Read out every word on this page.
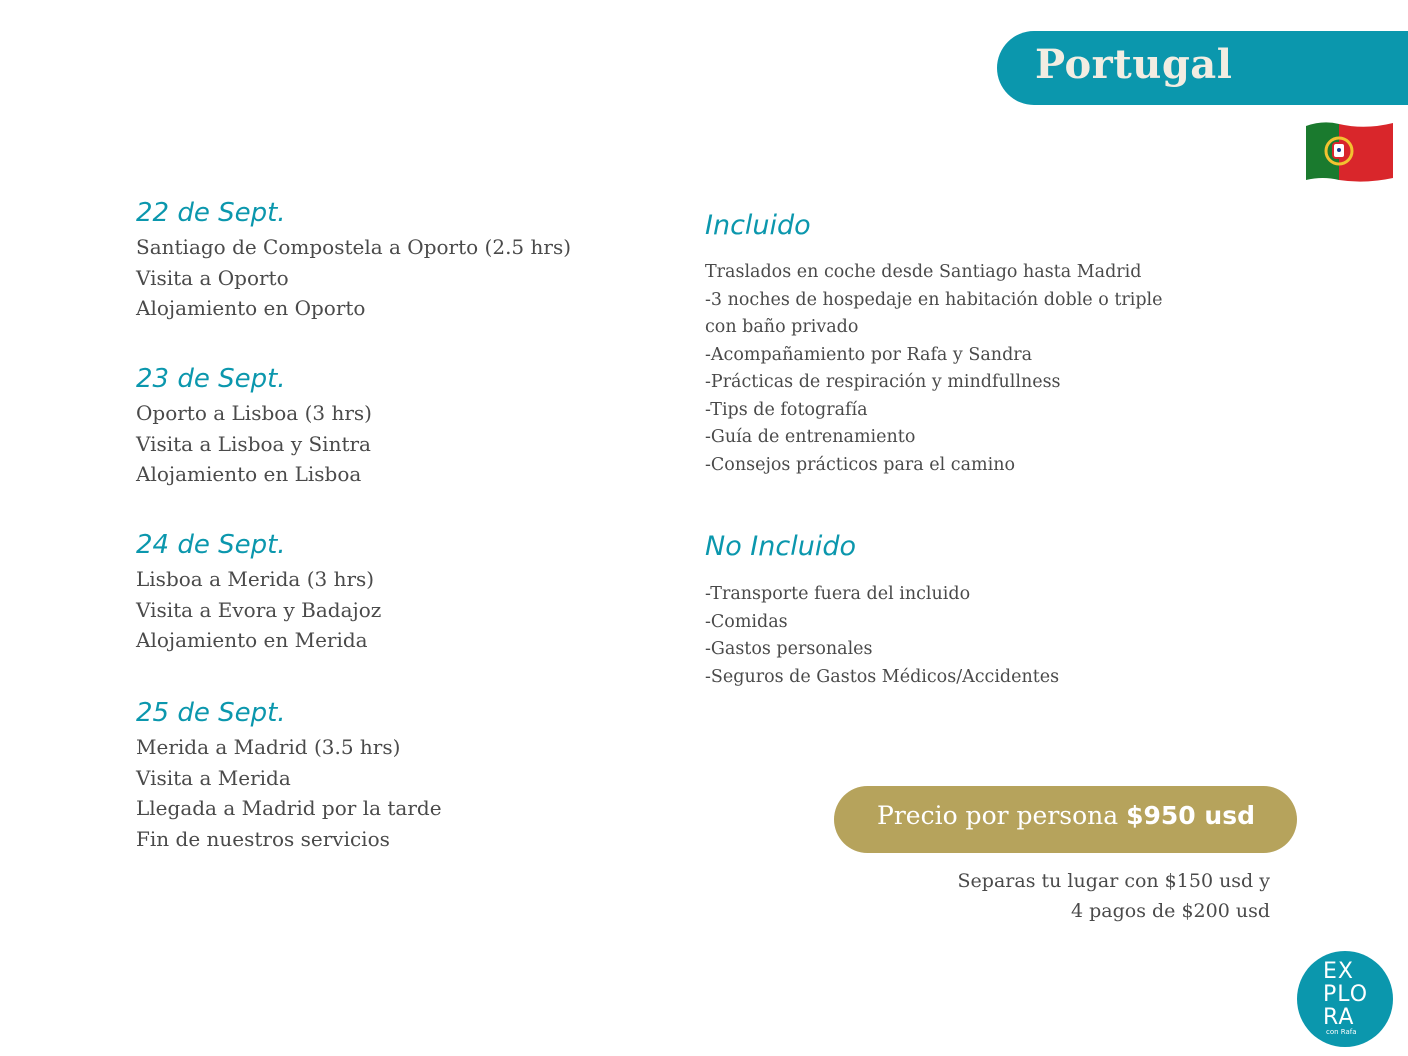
Portugal
22 de Sept.
Santiago de Compostela a Oporto (2.5 hrs)
Visita a Oporto
Alojamiento en Oporto
23 de Sept.
Oporto a Lisboa (3 hrs)
Visita a Lisboa y Sintra
Alojamiento en Lisboa
24 de Sept.
Lisboa a Merida (3 hrs)
Visita a Evora y Badajoz
Alojamiento en Merida
25 de Sept.
Merida a Madrid (3.5 hrs)
Visita a Merida
Llegada a Madrid por la tarde
Fin de nuestros servicios
Incluido
Traslados en coche desde Santiago hasta Madrid
-3 noches de hospedaje en habitación doble o triple
con baño privado
-Acompañamiento por Rafa y Sandra
-Prácticas de respiración y mindfullness
-Tips de fotografía
-Guía de entrenamiento
-Consejos prácticos para el camino
No Incluido
-Transporte fuera del incluido
-Comidas
-Gastos personales
-Seguros de Gastos Médicos/Accidentes
Precio por persona $950 usd
Separas tu lugar con $150 usd y
4 pagos de $200 usd
EX
PLO
RA
con Rafa
